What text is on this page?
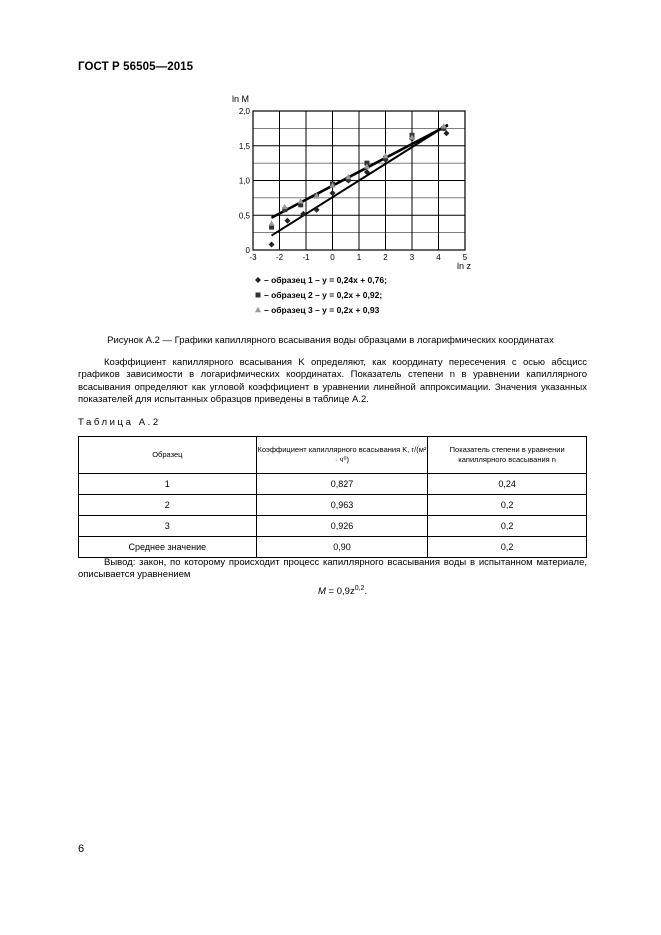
ГОСТ Р 56505—2015
-3 -2 -1	0	1	2	3	4	5
0
0,5
1,0
1,5
2,0
ln M
ln z
– образец 1 – y = 0,24x + 0,76;
– образец 2 – y = 0,2x + 0,92;
– образец 3 – y = 0,2x + 0,93
Рисунок А.2 — Графики капиллярного всасывания воды образцами в логарифмических координатах
Коэффициент капиллярного всасывания K определяют, как координату пересечения с осью абсцисс графиков зависимости в логарифмических координатах. Показатель степени n в уравнении капиллярного всасывания определяют как угловой коэффициент в уравнении линейной аппроксимации. Значения указанных показателей для испытанных образцов приведены в таблице А.2.
Таблица А.2
Образец	Коэффициент капиллярного всасывания K, г/(м² · ч⁰)	Показатель степени в уравнении капиллярного всасывания n
1	0,827	0,24
2	0,963	0,2
3	0,926	0,2
Среднее значение	0,90	0,2
Вывод: закон, по которому происходит процесс капиллярного всасывания воды в испытанном материале, описывается уравнением
$M = 0,9z^{0,2}$.
6
